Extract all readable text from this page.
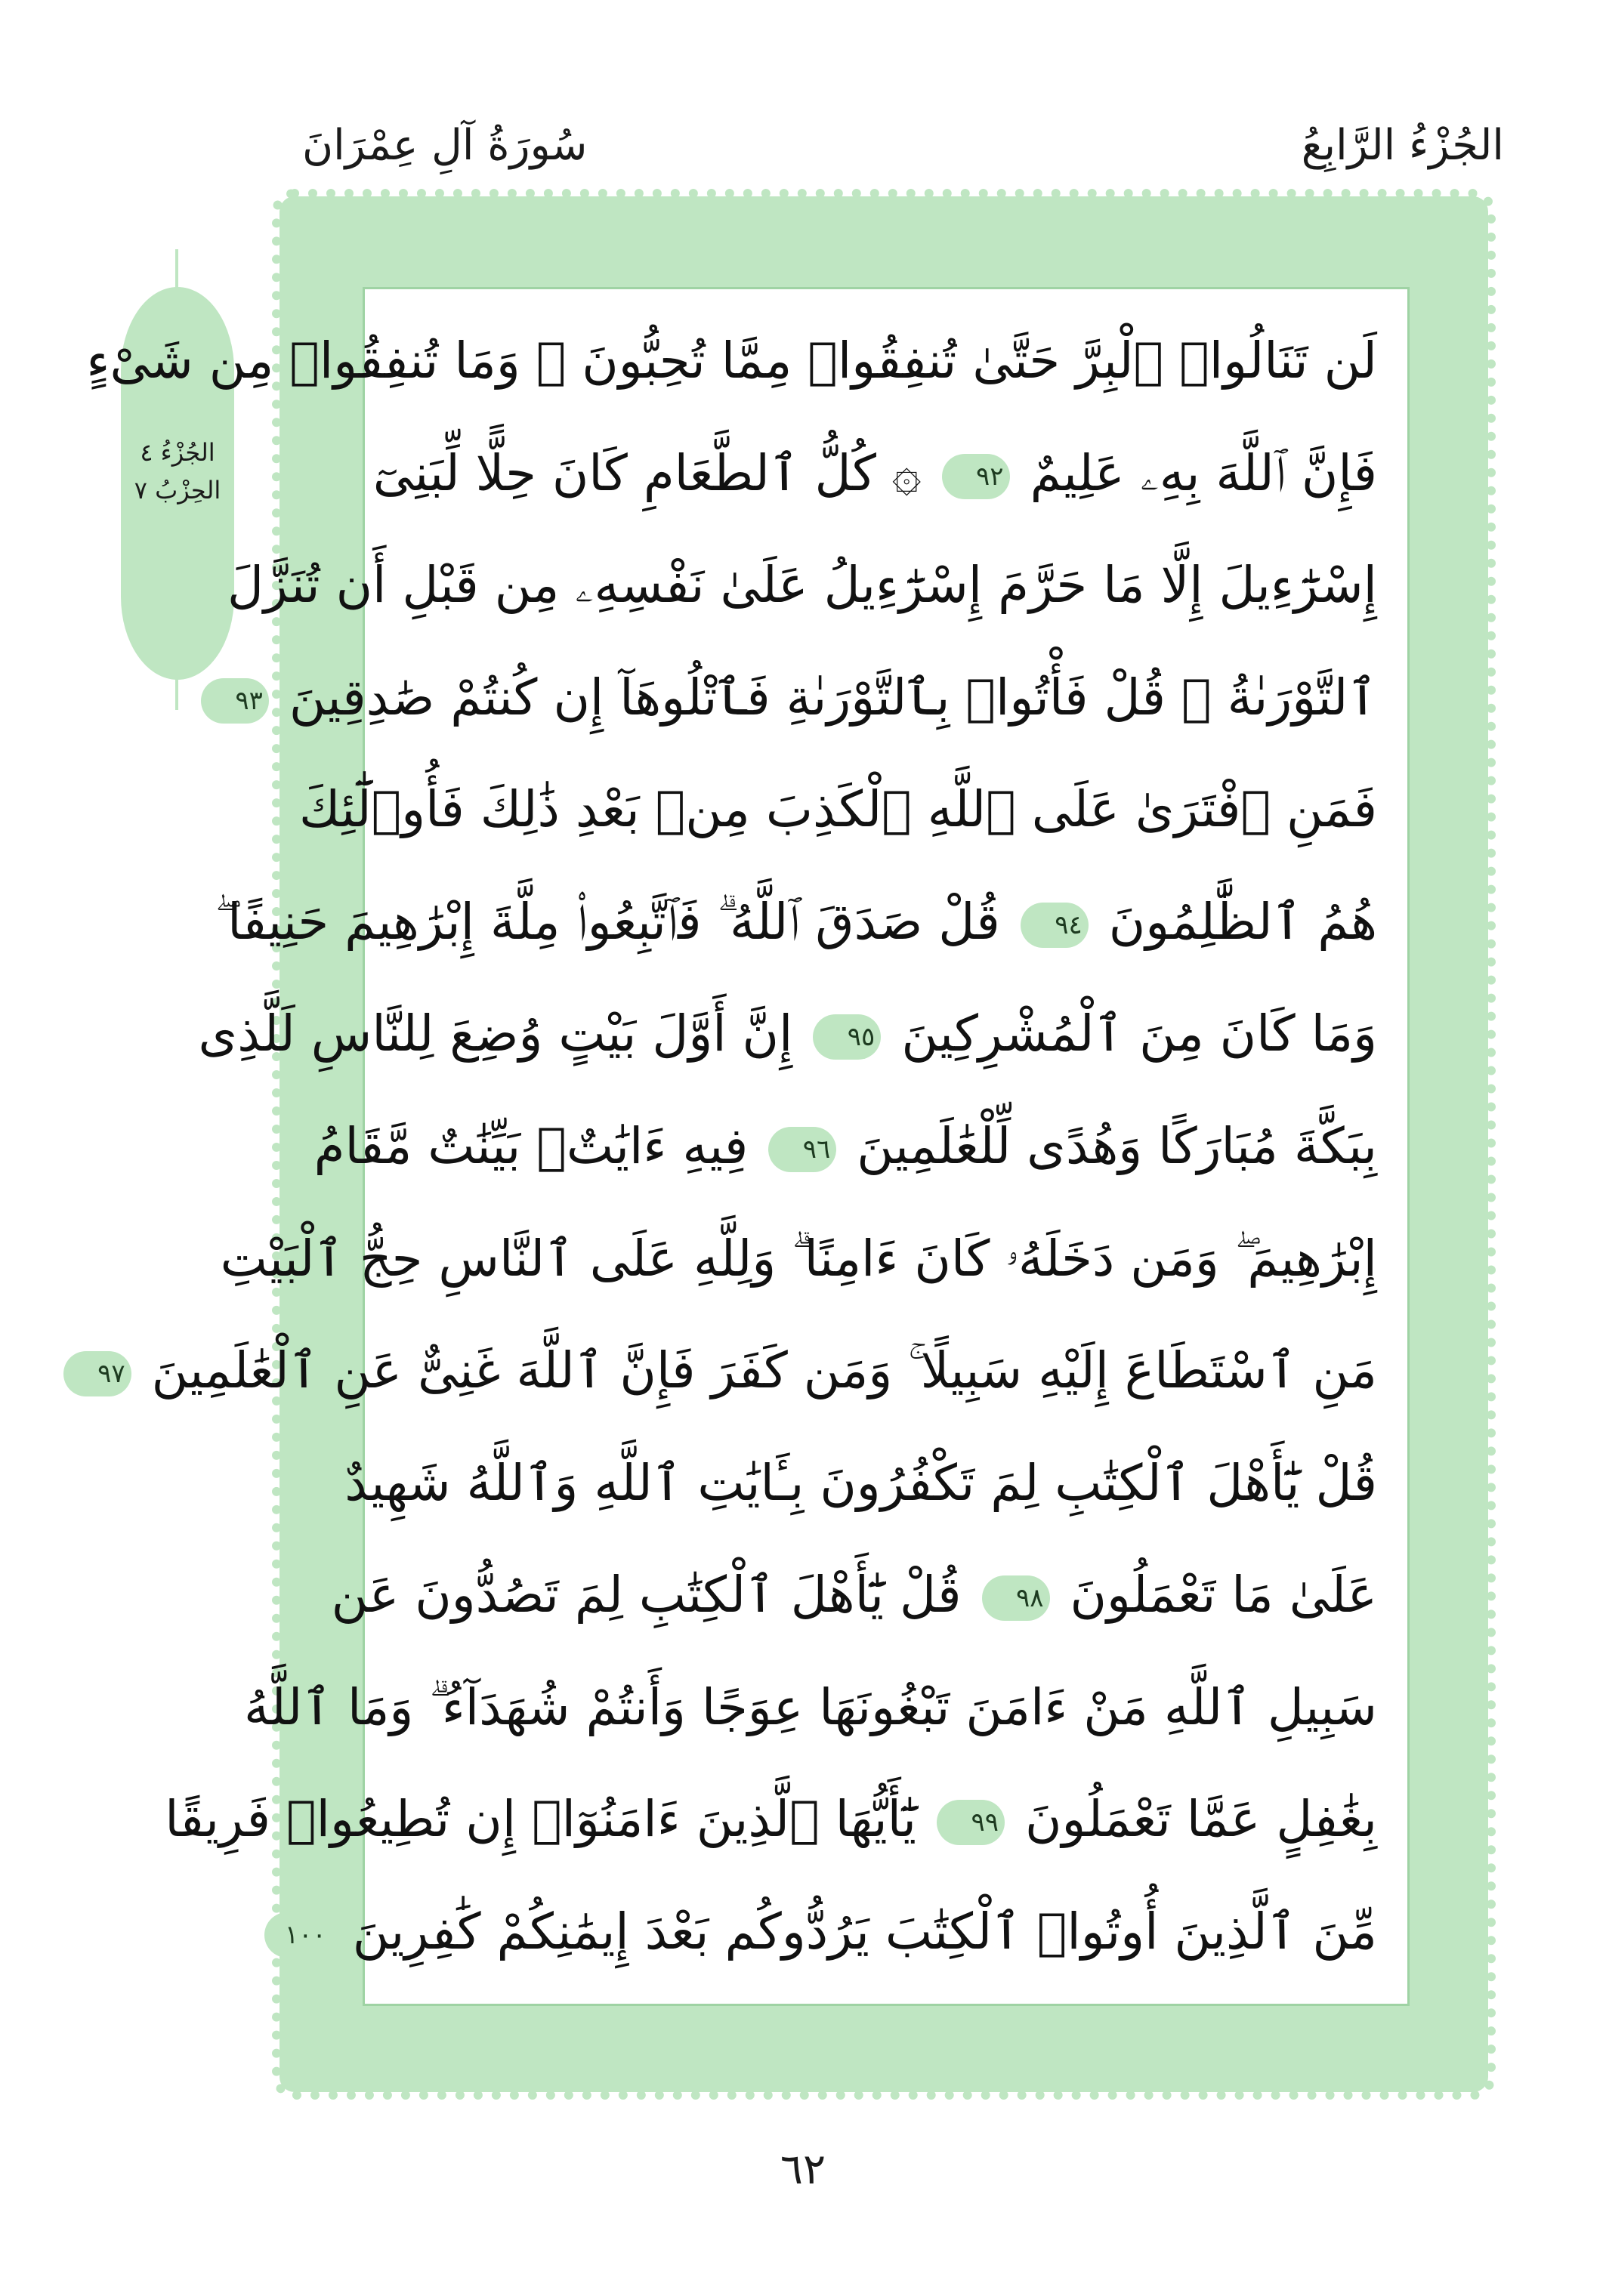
الجُزْءُ الرَّابِعُ
سُورَةُ آلِ عِمْرَانَ
الجُزْءُ ٤
الحِزْبُ ٧
لَن تَنَالُوا۟ ٱلْبِرَّ حَتَّىٰ تُنفِقُوا۟ مِمَّا تُحِبُّونَ ۚ وَمَا تُنفِقُوا۟ مِن شَىْءٍ
فَإِنَّ ٱللَّهَ بِهِۦ عَلِيمٌ ٩٢ ۞ كُلُّ ٱلطَّعَامِ كَانَ حِلًّا لِّبَنِىٓ
إِسْرَٰٓءِيلَ إِلَّا مَا حَرَّمَ إِسْرَٰٓءِيلُ عَلَىٰ نَفْسِهِۦ مِن قَبْلِ أَن تُنَزَّلَ
ٱلتَّوْرَىٰةُ ۗ قُلْ فَأْتُوا۟ بِٱلتَّوْرَىٰةِ فَٱتْلُوهَآ إِن كُنتُمْ صَٰدِقِينَ ٩٣
فَمَنِ ٱفْتَرَىٰ عَلَى ٱللَّهِ ٱلْكَذِبَ مِنۢ بَعْدِ ذَٰلِكَ فَأُو۟لَٰٓئِكَ
هُمُ ٱلظَّٰلِمُونَ ٩٤ قُلْ صَدَقَ ٱللَّهُ ۗ فَٱتَّبِعُوا۟ مِلَّةَ إِبْرَٰهِيمَ حَنِيفًا ۖ
وَمَا كَانَ مِنَ ٱلْمُشْرِكِينَ ٩٥ إِنَّ أَوَّلَ بَيْتٍ وُضِعَ لِلنَّاسِ لَلَّذِى
بِبَكَّةَ مُبَارَكًا وَهُدًى لِّلْعَٰلَمِينَ ٩٦ فِيهِ ءَايَٰتٌۢ بَيِّنَٰتٌ مَّقَامُ
إِبْرَٰهِيمَ ۖ وَمَن دَخَلَهُۥ كَانَ ءَامِنًا ۗ وَلِلَّهِ عَلَى ٱلنَّاسِ حِجُّ ٱلْبَيْتِ
مَنِ ٱسْتَطَاعَ إِلَيْهِ سَبِيلًا ۚ وَمَن كَفَرَ فَإِنَّ ٱللَّهَ غَنِىٌّ عَنِ ٱلْعَٰلَمِينَ ٩٧
قُلْ يَٰٓأَهْلَ ٱلْكِتَٰبِ لِمَ تَكْفُرُونَ بِـَٔايَٰتِ ٱللَّهِ وَٱللَّهُ شَهِيدٌ
عَلَىٰ مَا تَعْمَلُونَ ٩٨ قُلْ يَٰٓأَهْلَ ٱلْكِتَٰبِ لِمَ تَصُدُّونَ عَن
سَبِيلِ ٱللَّهِ مَنْ ءَامَنَ تَبْغُونَهَا عِوَجًا وَأَنتُمْ شُهَدَآءُ ۗ وَمَا ٱللَّهُ
بِغَٰفِلٍ عَمَّا تَعْمَلُونَ ٩٩ يَٰٓأَيُّهَا ٱلَّذِينَ ءَامَنُوٓا۟ إِن تُطِيعُوا۟ فَرِيقًا
مِّنَ ٱلَّذِينَ أُوتُوا۟ ٱلْكِتَٰبَ يَرُدُّوكُم بَعْدَ إِيمَٰنِكُمْ كَٰفِرِينَ ١٠٠
٦٢
